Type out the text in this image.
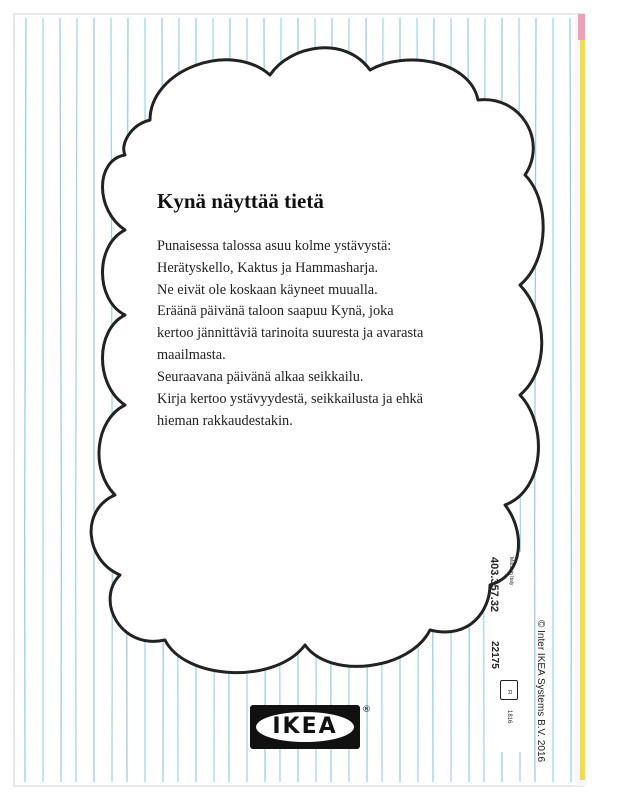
Kynä näyttää tietä
Punaisessa talossa asuu kolme ystävystä:
Herätyskello, Kaktus ja Hammasharja.
Ne eivät ole koskaan käyneet muualla.
Eräänä päivänä taloon saapuu Kynä, joka
kertoo jännittäviä tarinoita suuresta ja avarasta
maailmasta.
Seuraavana päivänä alkaa seikkailu.
Kirja kertoo ystävyydestä, seikkailusta ja ehkä
hieman rakkaudestakin.
403.357.32 Made in Italy
22175
FI
1816 © Inter IKEA Systems B.V. 2016
IKEA
®
